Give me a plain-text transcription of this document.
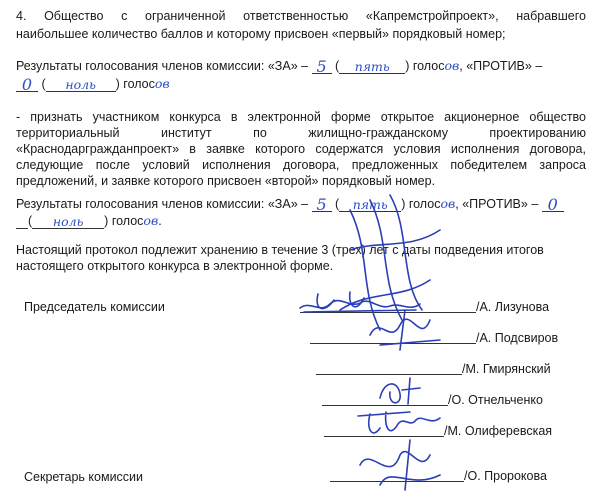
4. Общество с ограниченной ответственностью «Капремстройпроект», набравшего
наибольшее количество баллов и которому присвоен «первый» порядковый номер;
Результаты голосования членов комиссии: «ЗА» – 5 ( пять ) голосов, «ПРОТИВ» –
0 ( ноль ) голосов
- признать участником конкурса в электронной форме открытое акционерное общество
территориальный институт по жилищно-гражданскому проектированию
«Краснодаргражданпроект» в заявке которого содержатся условия исполнения договора,
следующие после условий исполнения договора, предложенных победителем запроса
предложений, и заявке которого присвоен «второй» порядковый номер.
Результаты голосования членов комиссии: «ЗА» – 5 ( пять ) голосов, «ПРОТИВ» – 0
( ноль ) голосов.
Настоящий протокол подлежит хранению в течение 3 (трех) лет с даты подведения итогов
настоящего открытого конкурса в электронной форме.
Председатель комиссии
Секретарь комиссии
/А. Лизунова
/А. Подсвиров
/М. Гмирянский
/О. Отнельченко
/М. Олиферевская
/О. Пророкова
